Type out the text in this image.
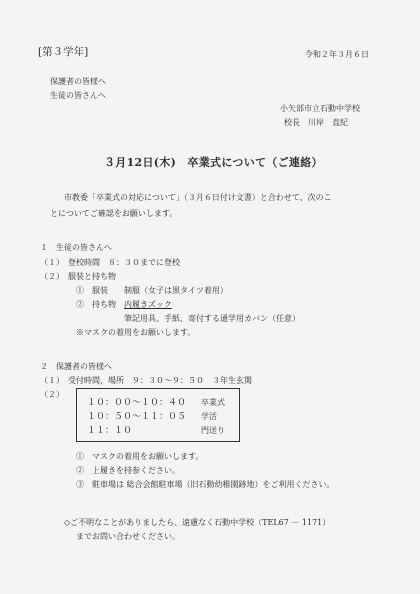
[第３学年]	令和２年３月６日
保護者の皆様へ
生徒の皆さんへ
小矢部市立石動中学校
校長　川岸　直紀
３月12日(木)　卒業式について（ご連絡）
市教委「卒業式の対応について」（３月６日付け文書）と合わせて、次のこ
とについてご確認をお願いします。
１　生徒の皆さんへ
（１）　登校時間　８：３０までに登校
（２）　服装と持ち物
①　服装　　制服（女子は黒タイツ着用）
②　持ち物　内履きズック
筆記用具、手紙、寄付する通学用カバン（任意）
※マスクの着用をお願いします。
２　保護者の皆様へ
（１）　受付時間，場所　９：３０～９：５０　３年生玄関
（２）
１０：００～１０：４０ 卒業式
１０：５０～１１：０５ 学活
１１：１０	門送り
①　マスクの着用をお願いします。
②　上履きを持参ください。
③　駐車場は 総合会館駐車場（旧石動幼稚園跡地）をご利用ください。
◇ご不明なことがありましたら、遠慮なく石動中学校（TEL67 － 1171）
までお問い合わせください。
